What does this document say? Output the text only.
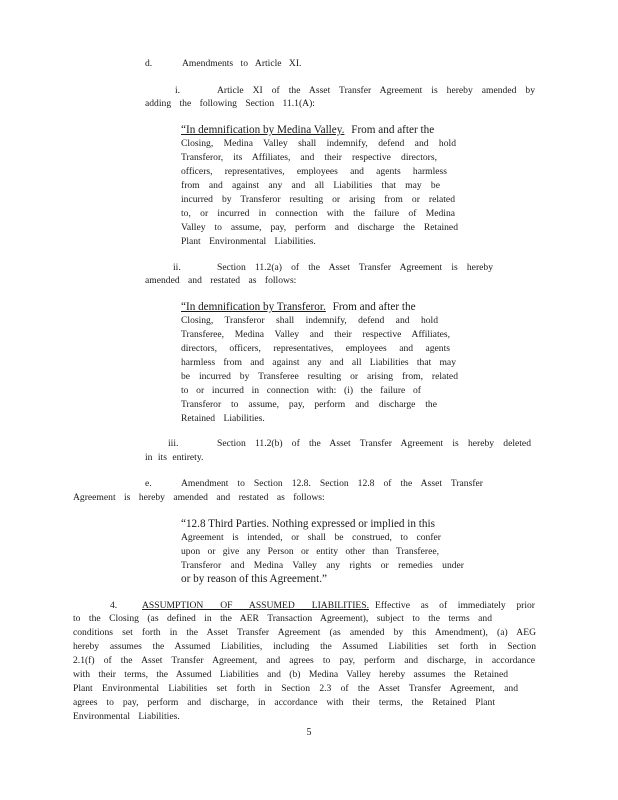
d.	Amendments to Article XI.
i.	Article XI of the Asset Transfer Agreement is hereby amended by
adding the following Section 11.1(A):
“In demnification by Medina Valley. From and after the
Closing, Medina Valley shall indemnify, defend and hold
Transferor, its Affiliates, and their respective directors,
officers, representatives, employees and agents harmless
from and against any and all Liabilities that may be
incurred by Transferor resulting or arising from or related
to, or incurred in connection with the failure of Medina
Valley to assume, pay, perform and discharge the Retained
Plant Environmental Liabilities.
ii.	Section 11.2(a) of the Asset Transfer Agreement is hereby
amended and restated as follows:
“In demnification by Transferor. From and after the
Closing, Transferor shall indemnify, defend and hold
Transferee, Medina Valley and their respective Affiliates,
directors, officers, representatives, employees and agents
harmless from and against any and all Liabilities that may
be incurred by Transferee resulting or arising from, related
to or incurred in connection with: (i) the failure of
Transferor to assume, pay, perform and discharge the
Retained Liabilities.
iii.	Section 11.2(b) of the Asset Transfer Agreement is hereby deleted
in its entirety.
e.	Amendment to Section 12.8. Section 12.8 of the Asset Transfer
Agreement is hereby amended and restated as follows:
“12.8 Third Parties. Nothing expressed or implied in this
Agreement is intended, or shall be construed, to confer
upon or give any Person or entity other than Transferee,
Transferor and Medina Valley any rights or remedies under
or by reason of this Agreement.”
4.	ASSUMPTION OF ASSUMED LIABILITIES. Effective as of immediately prior
to the Closing (as defined in the AER Transaction Agreement), subject to the terms and
conditions set forth in the Asset Transfer Agreement (as amended by this Amendment), (a) AEG
hereby assumes the Assumed Liabilities, including the Assumed Liabilities set forth in Section
2.1(f) of the Asset Transfer Agreement, and agrees to pay, perform and discharge, in accordance
with their terms, the Assumed Liabilities and (b) Medina Valley hereby assumes the Retained
Plant Environmental Liabilities set forth in Section 2.3 of the Asset Transfer Agreement, and
agrees to pay, perform and discharge, in accordance with their terms, the Retained Plant
Environmental Liabilities.
5
